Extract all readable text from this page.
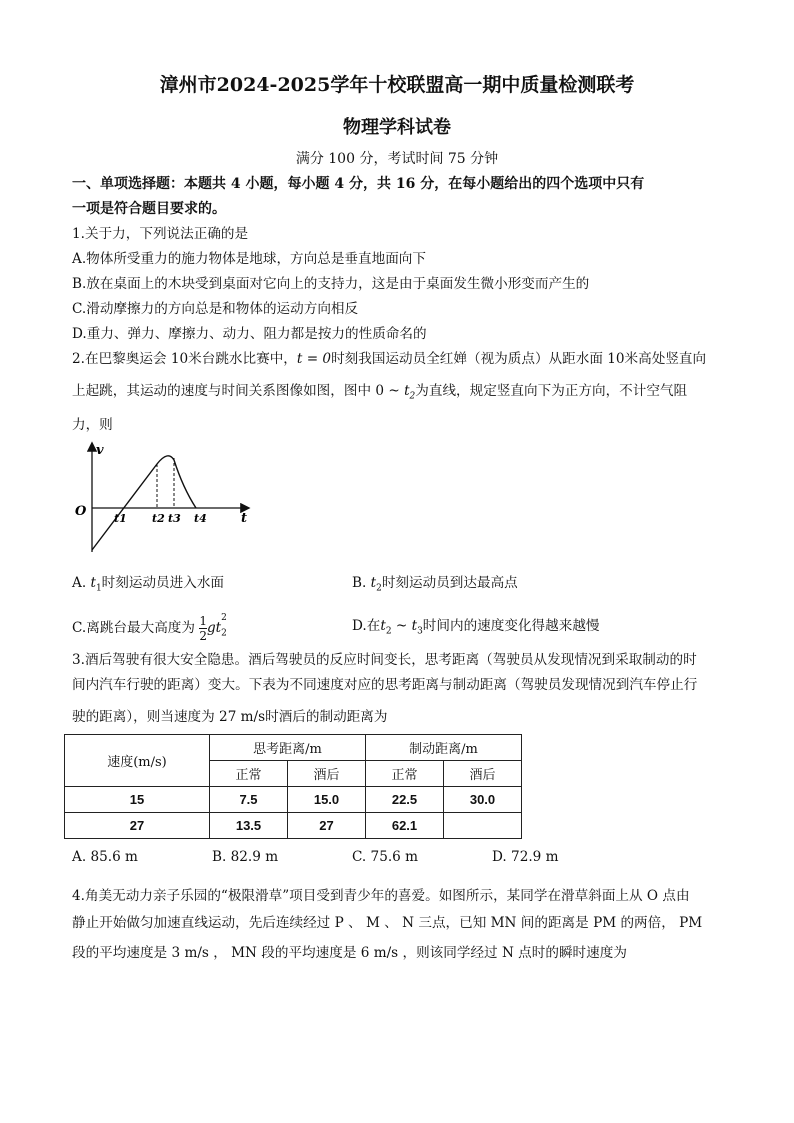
漳州市2024-2025学年十校联盟高一期中质量检测联考
物理学科试卷
满分 100 分，考试时间 75 分钟
一、单项选择题：本题共 4 小题，每小题 4 分，共 16 分，在每小题给出的四个选项中只有
一项是符合题目要求的。
1.关于力，下列说法正确的是
A.物体所受重力的施力物体是地球，方向总是垂直地面向下
B.放在桌面上的木块受到桌面对它向上的支持力，这是由于桌面发生微小形变而产生的
C.滑动摩擦力的方向总是和物体的运动方向相反
D.重力、弹力、摩擦力、动力、阻力都是按力的性质命名的
2.在巴黎奥运会 10米台跳水比赛中，t = 0时刻我国运动员全红婵（视为质点）从距水面 10米高处竖直向
上起跳，其运动的速度与时间关系图像如图，图中 0 ~ $t_2$为直线，规定竖直向下为正方向，不计空气阻
力，则
v
O	t
t1 t2 t3 t4
A. $t_1$时刻运动员进入水面	B. $t_2$时刻运动员到达最高点
C.离跳台最大高度为 $\frac{1}{2} gt_2$
2	D.在$t_2$ ~ $t_3$时间内的速度变化得越来越慢
3.酒后驾驶有很大安全隐患。酒后驾驶员的反应时间变长，思考距离（驾驶员从发现情况到采取制动的时
间内汽车行驶的距离）变大。下表为不同速度对应的思考距离与制动距离（驾驶员发现情况到汽车停止行
驶的距离），则当速度为 27 m/s时酒后的制动距离为
速度(m/s)	思考距离/m		制动距离/m	
	正常	酒后	正常	酒后
15	7.5	15.0	22.5	30.0
27	13.5	27	62.1	
A. 85.6 m	B. 82.9 m	C. 75.6 m	D. 72.9 m
4.角美无动力亲子乐园的“极限滑草”项目受到青少年的喜爱。如图所示，某同学在滑草斜面上从 O 点由
静止开始做匀加速直线运动，先后连续经过 P 、 M 、 N 三点，已知 MN 间的距离是 PM 的两倍， PM
段的平均速度是 3 m/s ， MN 段的平均速度是 6 m/s ，则该同学经过 N 点时的瞬时速度为
